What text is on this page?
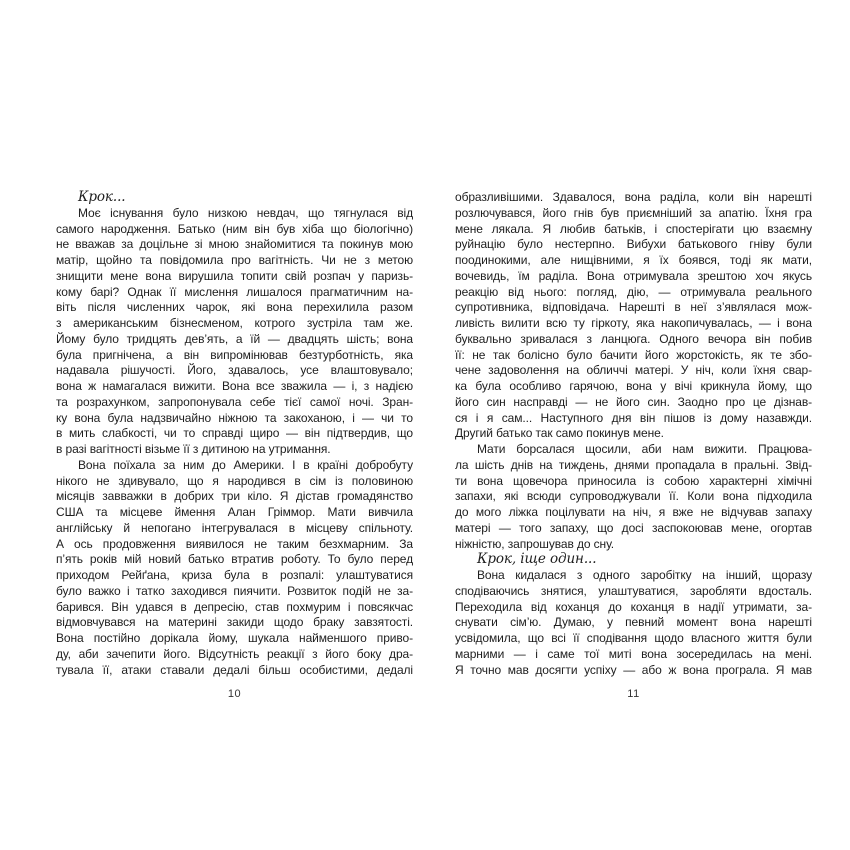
Крок...
Моє існування було низкою невдач, що тягнулася від
самого народження. Батько (ним він був хіба що біологічно)
не вважав за доцільне зі мною знайомитися та покинув мою
матір, щойно та повідомила про вагітність. Чи не з метою
знищити мене вона вирушила топити свій розпач у паризь-
кому барі? Однак її мислення лишалося прагматичним на-
віть після численних чарок, які вона перехилила разом
з американським бізнесменом, котрого зустріла там же.
Йому було тридцять дев’ять, а їй — двадцять шість; вона
була пригнічена, а він випромінював безтурботність, яка
надавала рішучості. Його, здавалось, усе влаштовувало;
вона ж намагалася вижити. Вона все зважила — і, з надією
та розрахунком, запропонувала себе тієї самої ночі. Зран-
ку вона була надзвичайно ніжною та закоханою, і — чи то
в мить слабкості, чи то справді щиро — він підтвердив, що
в разі вагітності візьме її з дитиною на утримання.
Вона поїхала за ним до Америки. І в країні добробуту
нікого не здивувало, що я народився в сім із половиною
місяців завважки в добрих три кіло. Я дістав громадянство
США та місцеве ймення Алан Гріммор. Мати вивчила
англійську й непогано інтегрувалася в місцеву спільноту.
А ось продовження виявилося не таким безхмарним. За
п’ять років мій новий батько втратив роботу. То було перед
приходом Рейґана, криза була в розпалі: улаштуватися
було важко і татко заходився пиячити. Розвиток подій не за-
барився. Він удався в депресію, став похмурим і повсякчас
відмовчувався на материні закиди щодо браку завзятості.
Вона постійно дорікала йому, шукала найменшого приво-
ду, аби зачепити його. Відсутність реакції з його боку дра-
тувала її, атаки ставали дедалі більш особистими, дедалі
10
образливішими. Здавалося, вона раділа, коли він нарешті
розлючувався, його гнів був приємніший за апатію. Їхня гра
мене лякала. Я любив батьків, і спостерігати цю взаємну
руйнацію було нестерпно. Вибухи батькового гніву були
поодинокими, але нищівними, я їх боявся, тоді як мати,
вочевидь, їм раділа. Вона отримувала зрештою хоч якусь
реакцію від нього: погляд, дію, — отримувала реального
супротивника, відповідача. Нарешті в неї з’являлася мож-
ливість вилити всю ту гіркоту, яка накопичувалась, — і вона
буквально зривалася з ланцюга. Одного вечора він побив
її: не так болісно було бачити його жорстокість, як те збо-
чене задоволення на обличчі матері. У ніч, коли їхня свар-
ка була особливо гарячою, вона у вічі крикнула йому, що
його син насправді — не його син. Заодно про це дізнав-
ся і я сам... Наступного дня він пішов із дому назавжди.
Другий батько так само покинув мене.
Мати борсалася щосили, аби нам вижити. Працюва-
ла шість днів на тиждень, днями пропадала в пральні. Звід-
ти вона щовечора приносила із собою характерні хімічні
запахи, які всюди супроводжували її. Коли вона підходила
до мого ліжка поцілувати на ніч, я вже не відчував запаху
матері — того запаху, що досі заспокоював мене, огортав
ніжністю, запрошував до сну.
Крок, іще один...
Вона кидалася з одного заробітку на інший, щоразу
сподіваючись знятися, улаштуватися, заробляти вдосталь.
Переходила від коханця до коханця в надії утримати, за-
снувати сім’ю. Думаю, у певний момент вона нарешті
усвідомила, що всі її сподівання щодо власного життя були
марними — і саме тої миті вона зосередилась на мені.
Я точно мав досягти успіху — або ж вона програла. Я мав
11
